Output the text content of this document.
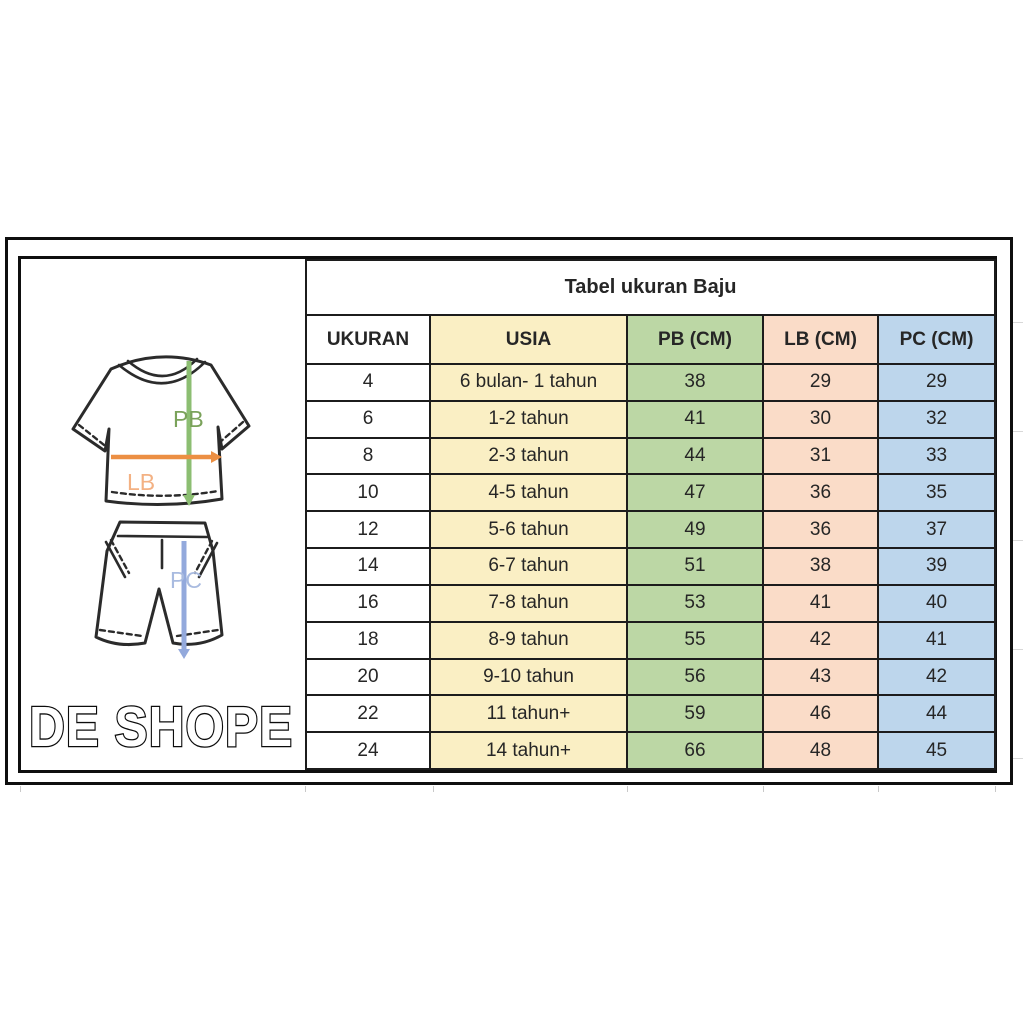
PB
LB
PC
DE SHOPE
Tabel ukuran Baju				
UKURAN	USIA	PB (CM)	LB (CM)	PC (CM)
4	6 bulan- 1 tahun	38	29	29
6	1-2 tahun	41	30	32
8	2-3 tahun	44	31	33
10	4-5 tahun	47	36	35
12	5-6 tahun	49	36	37
14	6-7 tahun	51	38	39
16	7-8 tahun	53	41	40
18	8-9 tahun	55	42	41
20	9-10 tahun	56	43	42
22	11 tahun+	59	46	44
24	14 tahun+	66	48	45
